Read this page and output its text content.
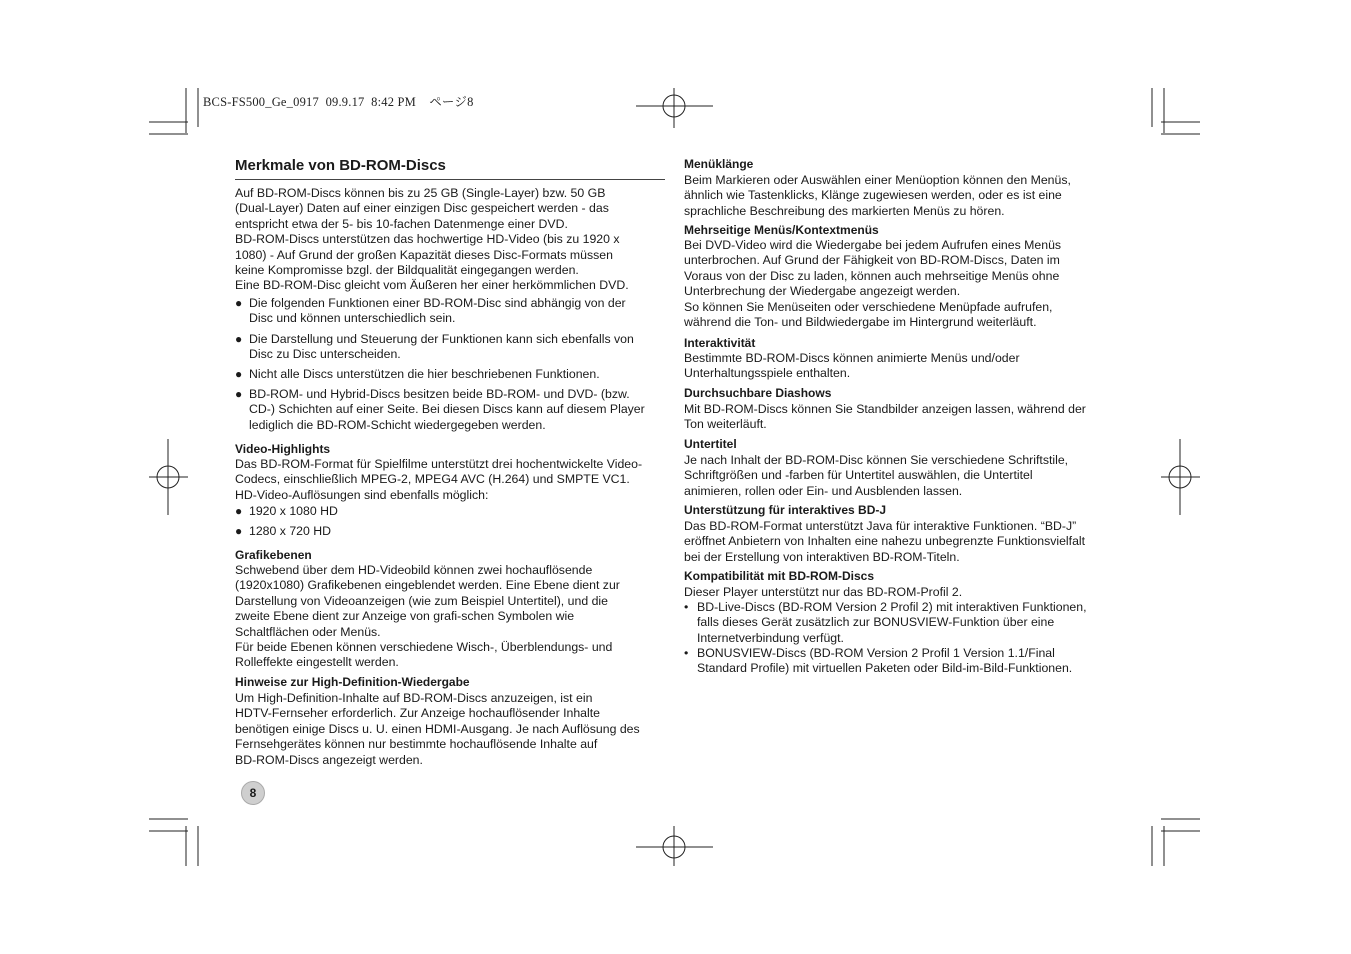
BCS-FS500_Ge_0917  09.9.17  8:42 PM    ページ8
Merkmale von BD-ROM-Discs

Auf BD-ROM-Discs können bis zu 25 GB (Single-Layer) bzw. 50 GB
(Dual-Layer) Daten auf einer einzigen Disc gespeichert werden - das
entspricht etwa der 5- bis 10-fachen Datenmenge einer DVD.
BD-ROM-Discs unterstützen das hochwertige HD-Video (bis zu 1920 x
1080) - Auf Grund der großen Kapazität dieses Disc-Formats müssen
keine Kompromisse bzgl. der Bildqualität eingegangen werden.
Eine BD-ROM-Disc gleicht vom Äußeren her einer herkömmlichen DVD.

● Die folgenden Funktionen einer BD-ROM-Disc sind abhängig von der
Disc und können unterschiedlich sein.

● Die Darstellung und Steuerung der Funktionen kann sich ebenfalls von
Disc zu Disc unterscheiden.

● Nicht alle Discs unterstützen die hier beschriebenen Funktionen.

● BD-ROM- und Hybrid-Discs besitzen beide BD-ROM- und DVD- (bzw.
CD-) Schichten auf einer Seite. Bei diesen Discs kann auf diesem Player
lediglich die BD-ROM-Schicht wiedergegeben werden.

Video-Highlights

Das BD-ROM-Format für Spielfilme unterstützt drei hochentwickelte Video-
Codecs, einschließlich MPEG-2, MPEG4 AVC (H.264) und SMPTE VC1.
HD-Video-Auflösungen sind ebenfalls möglich:

● 1920 x 1080 HD

● 1280 x 720 HD

Grafikebenen

Schwebend über dem HD-Videobild können zwei hochauflösende
(1920x1080) Grafikebenen eingeblendet werden. Eine Ebene dient zur
Darstellung von Videoanzeigen (wie zum Beispiel Untertitel), und die
zweite Ebene dient zur Anzeige von grafi-schen Symbolen wie
Schaltflächen oder Menüs.
Für beide Ebenen können verschiedene Wisch-, Überblendungs- und
Rolleffekte eingestellt werden.

Hinweise zur High-Definition-Wiedergabe

Um High-Definition-Inhalte auf BD-ROM-Discs anzuzeigen, ist ein
HDTV-Fernseher erforderlich. Zur Anzeige hochauflösender Inhalte
benötigen einige Discs u. U. einen HDMI-Ausgang. Je nach Auflösung des
Fernsehgerätes können nur bestimmte hochauflösende Inhalte auf
BD-ROM-Discs angezeigt werden.

Menüklänge

Beim Markieren oder Auswählen einer Menüoption können den Menüs,
ähnlich wie Tastenklicks, Klänge zugewiesen werden, oder es ist eine
sprachliche Beschreibung des markierten Menüs zu hören.

Mehrseitige Menüs/Kontextmenüs

Bei DVD-Video wird die Wiedergabe bei jedem Aufrufen eines Menüs
unterbrochen. Auf Grund der Fähigkeit von BD-ROM-Discs, Daten im
Voraus von der Disc zu laden, können auch mehrseitige Menüs ohne
Unterbrechung der Wiedergabe angezeigt werden.
So können Sie Menüseiten oder verschiedene Menüpfade aufrufen,
während die Ton- und Bildwiedergabe im Hintergrund weiterläuft.

Interaktivität

Bestimmte BD-ROM-Discs können animierte Menüs und/oder
Unterhaltungsspiele enthalten.

Durchsuchbare Diashows

Mit BD-ROM-Discs können Sie Standbilder anzeigen lassen, während der
Ton weiterläuft.

Untertitel

Je nach Inhalt der BD-ROM-Disc können Sie verschiedene Schriftstile,
Schriftgrößen und -farben für Untertitel auswählen, die Untertitel
animieren, rollen oder Ein- und Ausblenden lassen.

Unterstützung für interaktives BD-J

Das BD-ROM-Format unterstützt Java für interaktive Funktionen. “BD-J”
eröffnet Anbietern von Inhalten eine nahezu unbegrenzte Funktionsvielfalt
bei der Erstellung von interaktiven BD-ROM-Titeln.

Kompatibilität mit BD-ROM-Discs

Dieser Player unterstützt nur das BD-ROM-Profil 2.

• BD-Live-Discs (BD-ROM Version 2 Profil 2) mit interaktiven Funktionen,
falls dieses Gerät zusätzlich zur BONUSVIEW-Funktion über eine
Internetverbindung verfügt.

• BONUSVIEW-Discs (BD-ROM Version 2 Profil 1 Version 1.1/Final
Standard Profile) mit virtuellen Paketen oder Bild-im-Bild-Funktionen.

8
